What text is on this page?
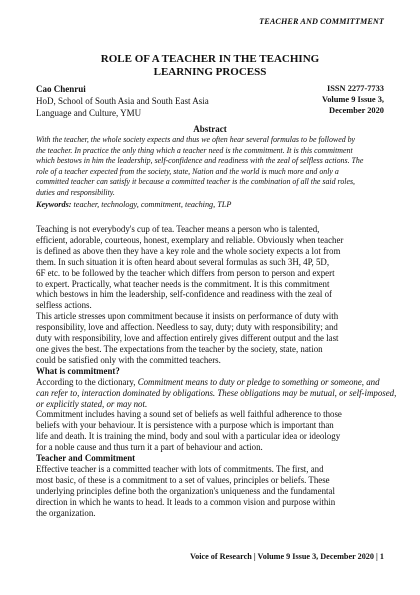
TEACHER AND COMMITTMENT
ROLE OF A TEACHER IN THE TEACHING
LEARNING PROCESS
Cao Chenrui
HoD, School of South Asia and South East Asia
Language and Culture, YMU
ISSN 2277-7733
Volume 9 Issue 3,
December 2020
Abstract
With the teacher, the whole society expects and thus we often hear several formulas to be followed by
the teacher. In practice the only thing which a teacher need is the commitment. It is this commitment
which bestows in him the leadership, self-confidence and readiness with the zeal of selfless actions. The
role of a teacher expected from the society, state, Nation and the world is much more and only a
committed teacher can satisfy it because a committed teacher is the combination of all the said roles,
duties and responsibility.
Keywords: teacher, technology, commitment, teaching, TLP
Teaching is not everybody's cup of tea. Teacher means a person who is talented,
efficient, adorable, courteous, honest, exemplary and reliable. Obviously when teacher
is defined as above then they have a key role and the whole society expects a lot from
them. In such situation it is often heard about several formulas as such 3H, 4P, 5D,
6F etc. to be followed by the teacher which differs from person to person and expert
to expert. Practically, what teacher needs is the commitment. It is this commitment
which bestows in him the leadership, self-confidence and readiness with the zeal of
selfless actions.
This article stresses upon commitment because it insists on performance of duty with
responsibility, love and affection. Needless to say, duty; duty with responsibility; and
duty with responsibility, love and affection entirely gives different output and the last
one gives the best. The expectations from the teacher by the society, state, nation
could be satisfied only with the committed teachers.
What is commitment?
According to the dictionary, Commitment means to duty or pledge to something or someone, and
can refer to, interaction dominated by obligations. These obligations may be mutual, or self-imposed,
or explicitly stated, or may not.
Commitment includes having a sound set of beliefs as well faithful adherence to those
beliefs with your behaviour. It is persistence with a purpose which is important than
life and death. It is training the mind, body and soul with a particular idea or ideology
for a noble cause and thus turn it a part of behaviour and action.
Teacher and Commitment
Effective teacher is a committed teacher with lots of commitments. The first, and
most basic, of these is a commitment to a set of values, principles or beliefs. These
underlying principles define both the organization's uniqueness and the fundamental
direction in which he wants to head. It leads to a common vision and purpose within
the organization.
Voice of Research | Volume 9 Issue 3, December 2020 | 1
